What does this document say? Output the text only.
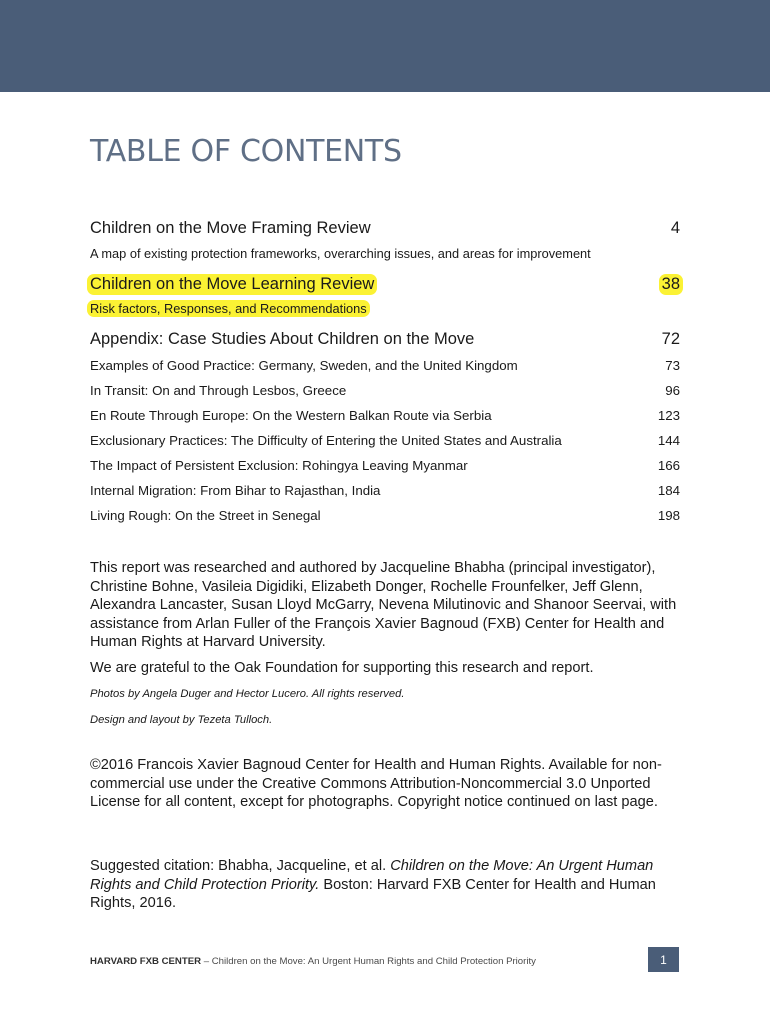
TABLE OF CONTENTS
Children on the Move Framing Review	4
A map of existing protection frameworks, overarching issues, and areas for improvement
Children on the Move Learning Review	38
Risk factors, Responses, and Recommendations
Appendix: Case Studies About Children on the Move	72
Examples of Good Practice: Germany, Sweden, and the United Kingdom	73
In Transit: On and Through Lesbos, Greece	96
En Route Through Europe: On the Western Balkan Route via Serbia	123
Exclusionary Practices: The Difficulty of Entering the United States and Australia	144
The Impact of Persistent Exclusion: Rohingya Leaving Myanmar	166
Internal Migration: From Bihar to Rajasthan, India	184
Living Rough: On the Street in Senegal	198

This report was researched and authored by Jacqueline Bhabha (principal investigator), Christine Bohne, Vasileia Digidiki, Elizabeth Donger, Rochelle Frounfelker, Jeff Glenn, Alexandra Lancaster, Susan Lloyd McGarry, Nevena Milutinovic and Shanoor Seervai, with assistance from Arlan Fuller of the François Xavier Bagnoud (FXB) Center for Health and Human Rights at Harvard University.

We are grateful to the Oak Foundation for supporting this research and report.

Photos by Angela Duger and Hector Lucero. All rights reserved.

Design and layout by Tezeta Tulloch.

©2016 Francois Xavier Bagnoud Center for Health and Human Rights. Available for non-commercial use under the Creative Commons Attribution-Noncommercial 3.0 Unported License for all content, except for photographs. Copyright notice continued on last page.

Suggested citation: Bhabha, Jacqueline, et al. Children on the Move: An Urgent Human Rights and Child Protection Priority. Boston: Harvard FXB Center for Health and Human Rights, 2016.

HARVARD FXB CENTER – Children on the Move: An Urgent Human Rights and Child Protection Priority	1
